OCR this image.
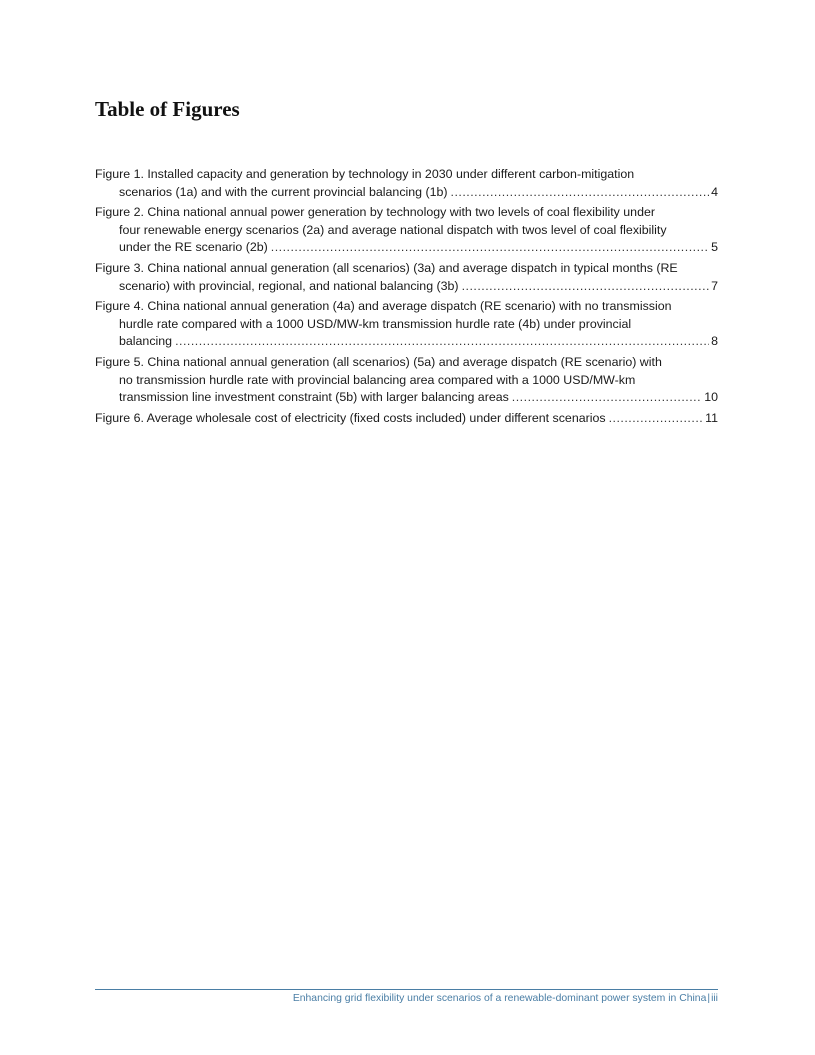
Table of Figures
Figure 1. Installed capacity and generation by technology in 2030 under different carbon-mitigation
scenarios (1a) and with the current provincial balancing (1b) .....	4
Figure 2. China national annual power generation by technology with two levels of coal flexibility under
four renewable energy scenarios (2a) and average national dispatch with twos level of coal flexibility
under the RE scenario (2b) .....	5
Figure 3. China national annual generation (all scenarios) (3a) and average dispatch in typical months (RE
scenario) with provincial, regional, and national balancing (3b) .....	7
Figure 4. China national annual generation (4a) and average dispatch (RE scenario) with no transmission
hurdle rate compared with a 1000 USD/MW-km transmission hurdle rate (4b) under provincial
balancing .....	8
Figure 5. China national annual generation (all scenarios) (5a) and average dispatch (RE scenario) with
no transmission hurdle rate with provincial balancing area compared with a 1000 USD/MW-km
transmission line investment constraint (5b) with larger balancing areas .....	10
Figure 6. Average wholesale cost of electricity (fixed costs included) under different scenarios .....	11
Enhancing grid flexibility under scenarios of a renewable-dominant power system in China|iii
